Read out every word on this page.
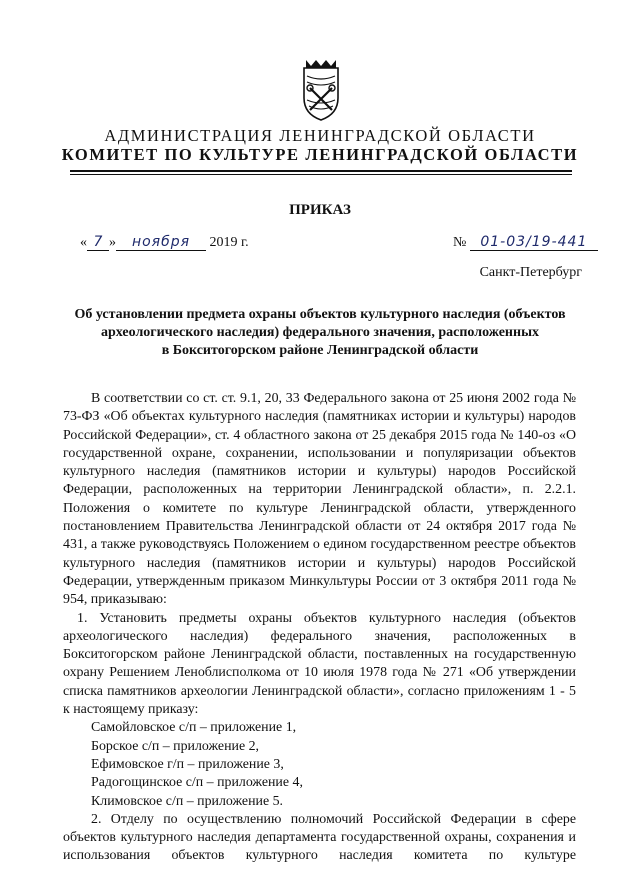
АДМИНИСТРАЦИЯ ЛЕНИНГРАДСКОЙ ОБЛАСТИ
КОМИТЕТ ПО КУЛЬТУРЕ ЛЕНИНГРАДСКОЙ ОБЛАСТИ
ПРИКАЗ
« 7 » ноября 2019 г.	№ 01-03/19-441
Санкт-Петербург
Об установлении предмета охраны объектов культурного наследия (объектов
археологического наследия) федерального значения, расположенных
в Бокситогорском районе Ленинградской области

В соответствии со ст. ст. 9.1, 20, 33 Федерального закона от 25 июня 2002 года № 73-ФЗ «Об объектах культурного наследия (памятниках истории и культуры) народов Российской Федерации», ст. 4 областного закона от 25 декабря 2015 года № 140-оз «О государственной охране, сохранении, использовании и популяризации объектов культурного наследия (памятников истории и культуры) народов Российской Федерации, расположенных на территории Ленинградской области», п. 2.2.1. Положения о комитете по культуре Ленинградской области, утвержденного постановлением Правительства Ленинградской области от 24 октября 2017 года № 431, а также руководствуясь Положением о едином государственном реестре объектов культурного наследия (памятников истории и культуры) народов Российской Федерации, утвержденным приказом Минкультуры России от 3 октября 2011 года № 954, приказываю:

1. Установить предметы охраны объектов культурного наследия (объектов археологического наследия) федерального значения, расположенных в Бокситогорском районе Ленинградской области, поставленных на государственную охрану Решением Леноблисполкома от 10 июля 1978 года № 271 «Об утверждении списка памятников археологии Ленинградской области», согласно приложениям 1 - 5 к настоящему приказу:

Самойловское с/п – приложение 1,

Борское с/п – приложение 2,

Ефимовское г/п – приложение 3,

Радогощинское с/п – приложение 4,

Климовское с/п – приложение 5.

2. Отделу по осуществлению полномочий Российской Федерации в сфере объектов культурного наследия департамента государственной охраны, сохранения и использования объектов культурного наследия комитета по культуре
